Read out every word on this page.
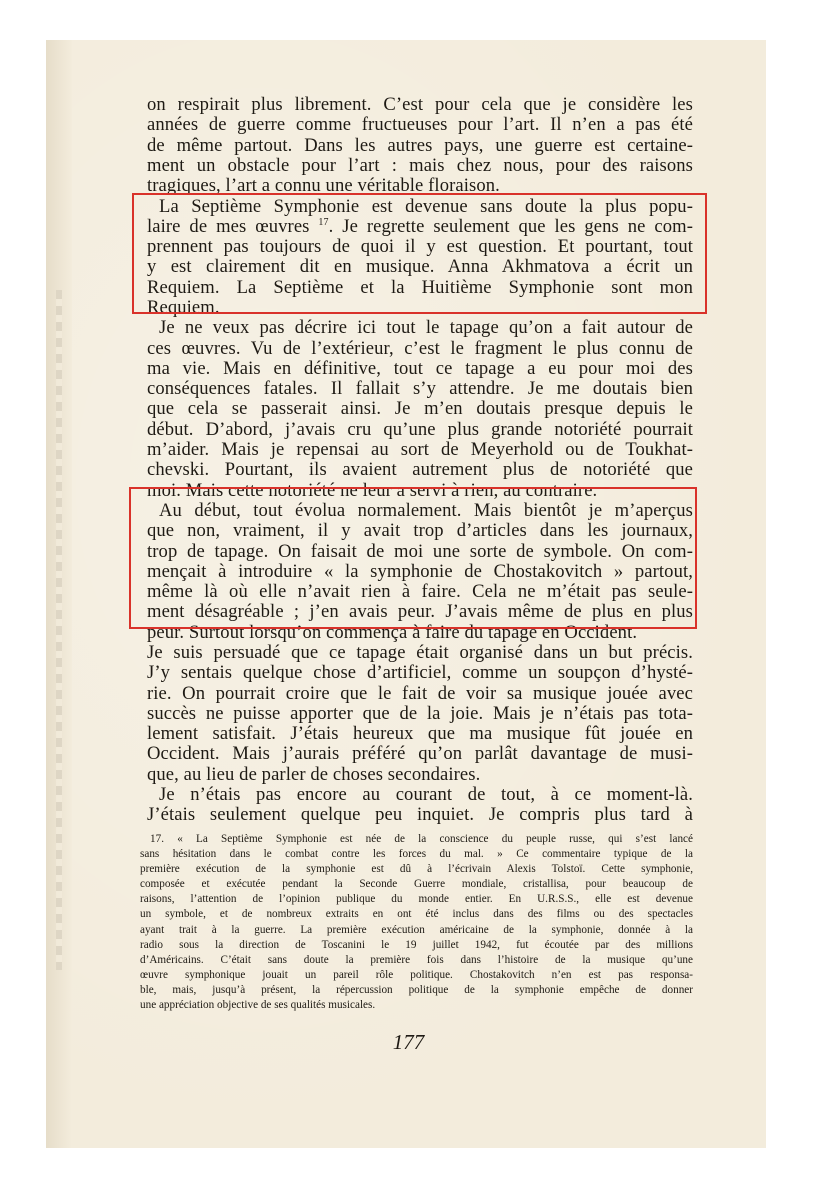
on respirait plus librement. C’est pour cela que je considère les
années de guerre comme fructueuses pour l’art. Il n’en a pas été
de même partout. Dans les autres pays, une guerre est certaine-
ment un obstacle pour l’art : mais chez nous, pour des raisons
tragiques, l’art a connu une véritable floraison.
La Septième Symphonie est devenue sans doute la plus popu-
laire de mes œuvres $^{17}$. Je regrette seulement que les gens ne com-
prennent pas toujours de quoi il y est question. Et pourtant, tout
y est clairement dit en musique. Anna Akhmatova a écrit un
Requiem. La Septième et la Huitième Symphonie sont mon
Requiem.
Je ne veux pas décrire ici tout le tapage qu’on a fait autour de
ces œuvres. Vu de l’extérieur, c’est le fragment le plus connu de
ma vie. Mais en définitive, tout ce tapage a eu pour moi des
conséquences fatales. Il fallait s’y attendre. Je me doutais bien
que cela se passerait ainsi. Je m’en doutais presque depuis le
début. D’abord, j’avais cru qu’une plus grande notoriété pourrait
m’aider. Mais je repensai au sort de Meyerhold ou de Toukhat-
chevski. Pourtant, ils avaient autrement plus de notoriété que
moi. Mais cette notoriété ne leur a servi à rien, au contraire.
Au début, tout évolua normalement. Mais bientôt je m’aperçus
que non, vraiment, il y avait trop d’articles dans les journaux,
trop de tapage. On faisait de moi une sorte de symbole. On com-
mençait à introduire « la symphonie de Chostakovitch » partout,
même là où elle n’avait rien à faire. Cela ne m’était pas seule-
ment désagréable ; j’en avais peur. J’avais même de plus en plus
peur. Surtout lorsqu’on commença à faire du tapage en Occident.
Je suis persuadé que ce tapage était organisé dans un but précis.
J’y sentais quelque chose d’artificiel, comme un soupçon d’hysté-
rie. On pourrait croire que le fait de voir sa musique jouée avec
succès ne puisse apporter que de la joie. Mais je n’étais pas tota-
lement satisfait. J’étais heureux que ma musique fût jouée en
Occident. Mais j’aurais préféré qu’on parlât davantage de musi-
que, au lieu de parler de choses secondaires.
Je n’étais pas encore au courant de tout, à ce moment-là.
J’étais seulement quelque peu inquiet. Je compris plus tard à
17. « La Septième Symphonie est née de la conscience du peuple russe, qui s’est lancé
sans hésitation dans le combat contre les forces du mal. » Ce commentaire typique de la
première exécution de la symphonie est dû à l’écrivain Alexis Tolstoï. Cette symphonie,
composée et exécutée pendant la Seconde Guerre mondiale, cristallisa, pour beaucoup de
raisons, l’attention de l’opinion publique du monde entier. En U.R.S.S., elle est devenue
un symbole, et de nombreux extraits en ont été inclus dans des films ou des spectacles
ayant trait à la guerre. La première exécution américaine de la symphonie, donnée à la
radio sous la direction de Toscanini le 19 juillet 1942, fut écoutée par des millions
d’Américains. C’était sans doute la première fois dans l’histoire de la musique qu’une
œuvre symphonique jouait un pareil rôle politique. Chostakovitch n’en est pas responsa-
ble, mais, jusqu’à présent, la répercussion politique de la symphonie empêche de donner
une appréciation objective de ses qualités musicales.
177
